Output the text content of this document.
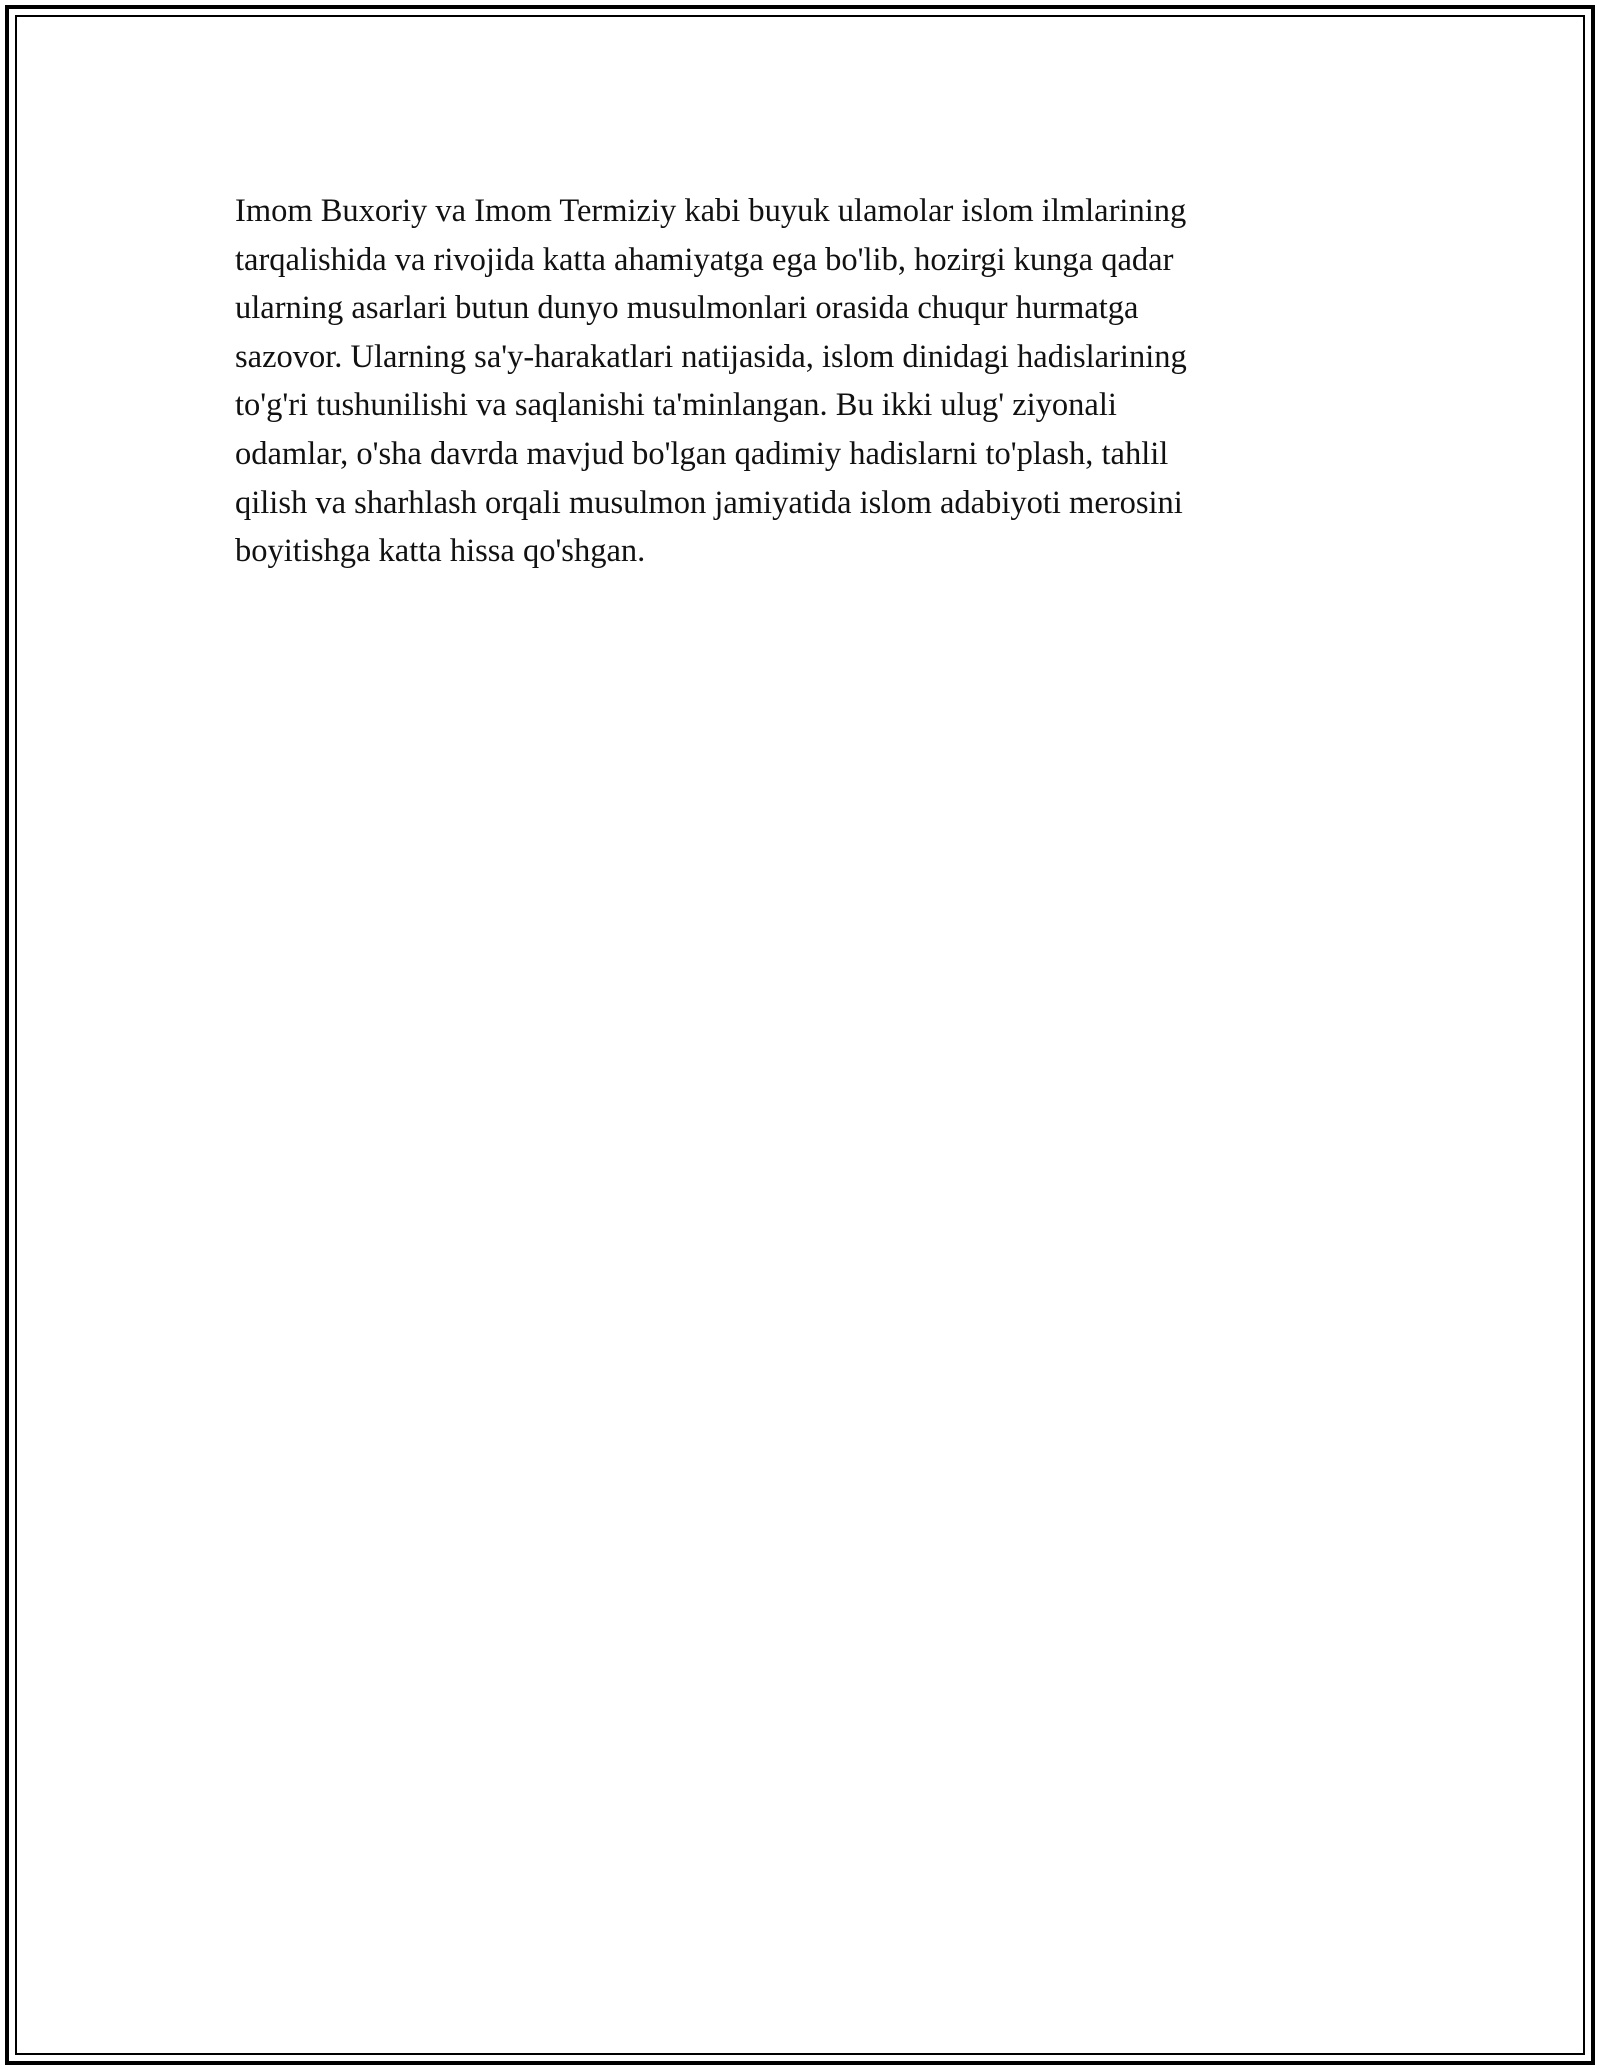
Imom Buxoriy va Imom Termiziy kabi buyuk ulamolar islom ilmlarining
tarqalishida va rivojida katta ahamiyatga ega bo'lib, hozirgi kunga qadar
ularning asarlari butun dunyo musulmonlari orasida chuqur hurmatga
sazovor. Ularning sa'y-harakatlari natijasida, islom dinidagi hadislarining
to'g'ri tushunilishi va saqlanishi ta'minlangan. Bu ikki ulug' ziyonali
odamlar, o'sha davrda mavjud bo'lgan qadimiy hadislarni to'plash, tahlil
qilish va sharhlash orqali musulmon jamiyatida islom adabiyoti merosini
boyitishga katta hissa qo'shgan.
